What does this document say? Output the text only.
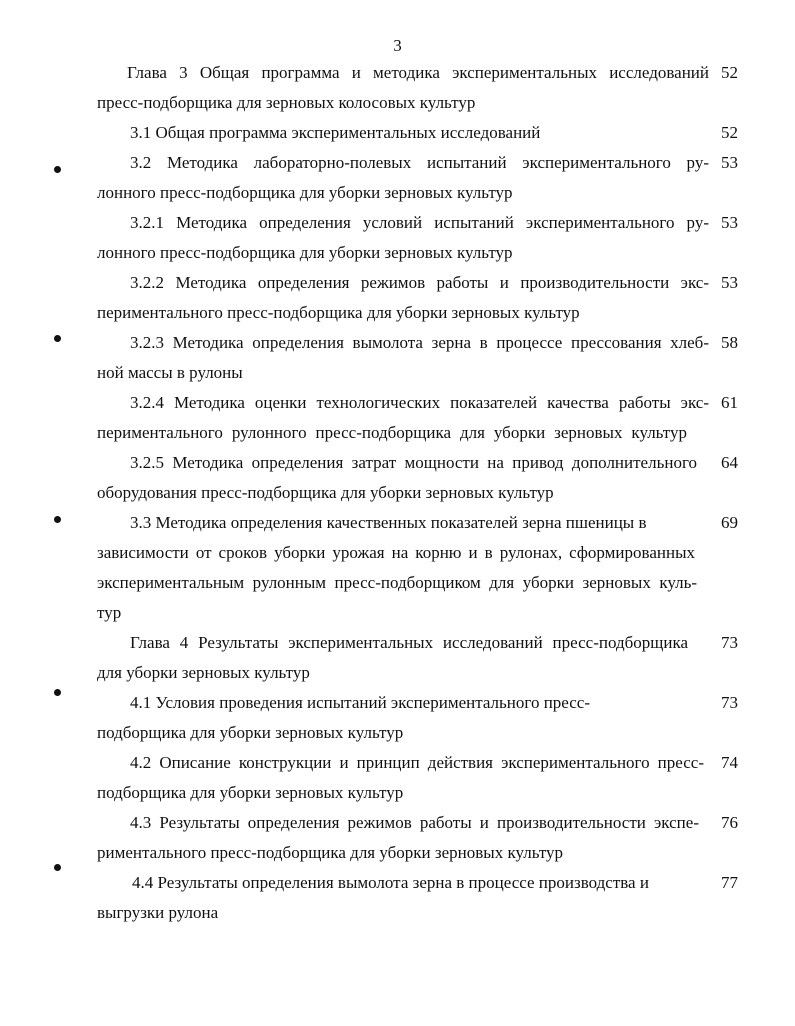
3
Глава 3 Общая программа и методика экспериментальных исследований
пресс-подборщика для зерновых колосовых культур
52
3.1 Общая программа экспериментальных исследований	52
3.2 Методика лабораторно-полевых испытаний экспериментального ру-
лонного пресс-подборщика для уборки зерновых культур
53
3.2.1 Методика определения условий испытаний экспериментального ру-
лонного пресс-подборщика для уборки зерновых культур
53
3.2.2 Методика определения режимов работы и производительности экс-
периментального пресс-подборщика для уборки зерновых культур
53
3.2.3 Методика определения вымолота зерна в процессе прессования хлеб-
ной массы в рулоны
58
3.2.4 Методика оценки технологических показателей качества работы экс-
периментального рулонного пресс-подборщика для уборки зерновых культур
61
3.2.5 Методика определения затрат мощности на привод дополнительного
оборудования пресс-подборщика для уборки зерновых культур
64
3.3 Методика определения качественных показателей зерна пшеницы в
зависимости от сроков уборки урожая на корню и в рулонах, сформированных
экспериментальным рулонным пресс-подборщиком для уборки зерновых куль-
тур
69
Глава 4 Результаты экспериментальных исследований пресс-подборщика
для уборки зерновых культур
73
4.1 Условия проведения испытаний экспериментального пресс-
подборщика для уборки зерновых культур
73
4.2 Описание конструкции и принцип действия экспериментального пресс-
подборщика для уборки зерновых культур
74
4.3 Результаты определения режимов работы и производительности экспе-
риментального пресс-подборщика для уборки зерновых культур
76
4.4 Результаты определения вымолота зерна в процессе производства и
выгрузки рулона
77
